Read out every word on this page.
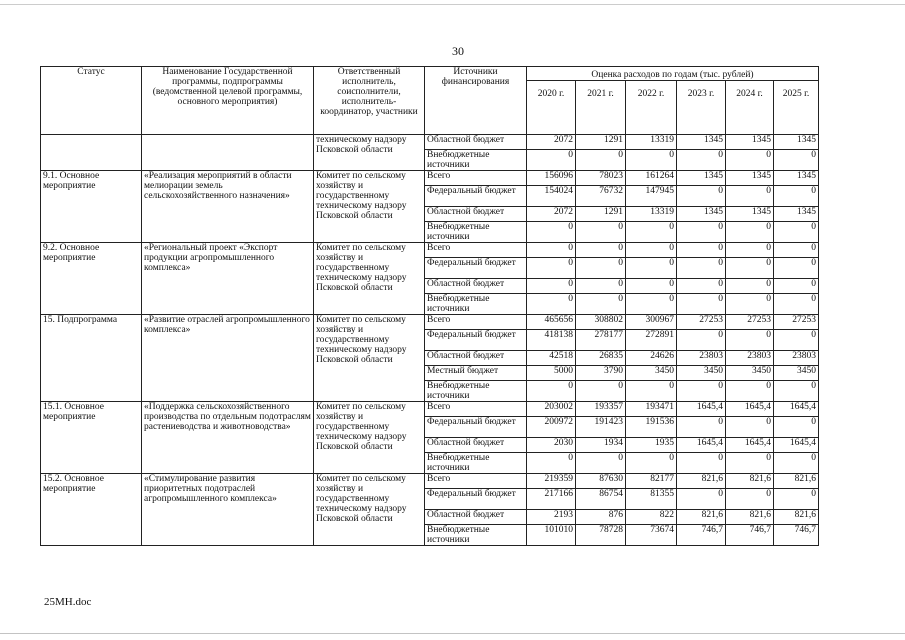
30
Статус	Наименование Государственной программы, подпрограммы (ведомственной целевой программы, основного мероприятия)	Ответственный исполнитель, соисполнители, исполнитель-координатор, участники	Источники финансирования	Оценка расходов по годам (тыс. рублей)					
				2020 г.	2021 г.	2022 г.	2023 г.	2024 г.	2025 г.
		техническому надзору Псковской области	Областной бюджет	2072	1291	13319	1345	1345	1345
			Внебюджетные источники	0	0	0	0	0	0
9.1. Основное мероприятие	«Реализация мероприятий в области мелиорации земель сельскохозяйственного назначения»	Комитет по сельскому хозяйству и государственному техническому надзору Псковской области	Всего	156096	78023	161264	1345	1345	1345
			Федеральный бюджет	154024	76732	147945	0	0	0
			Областной бюджет	2072	1291	13319	1345	1345	1345
			Внебюджетные источники	0	0	0	0	0	0
9.2. Основное мероприятие	«Региональный проект «Экспорт продукции агропромышленного комплекса»	Комитет по сельскому хозяйству и государственному техническому надзору Псковской области	Всего	0	0	0	0	0	0
			Федеральный бюджет	0	0	0	0	0	0
			Областной бюджет	0	0	0	0	0	0
			Внебюджетные источники	0	0	0	0	0	0
15. Подпрограмма	«Развитие отраслей агропромышленного комплекса»	Комитет по сельскому хозяйству и государственному техническому надзору Псковской области	Всего	465656	308802	300967	27253	27253	27253
			Федеральный бюджет	418138	278177	272891	0	0	0
			Областной бюджет	42518	26835	24626	23803	23803	23803
			Местный бюджет	5000	3790	3450	3450	3450	3450
			Внебюджетные источники	0	0	0	0	0	0
15.1. Основное мероприятие	«Поддержка сельскохозяйственного производства по отдельным подотраслям растениеводства и животноводства»	Комитет по сельскому хозяйству и государственному техническому надзору Псковской области	Всего	203002	193357	193471	1645,4	1645,4	1645,4
			Федеральный бюджет	200972	191423	191536	0	0	0
			Областной бюджет	2030	1934	1935	1645,4	1645,4	1645,4
			Внебюджетные источники	0	0	0	0	0	0
15.2. Основное мероприятие	«Стимулирование развития приоритетных подотраслей агропромышленного комплекса»	Комитет по сельскому хозяйству и государственному техническому надзору Псковской области	Всего	219359	87630	82177	821,6	821,6	821,6
			Федеральный бюджет	217166	86754	81355	0	0	0
			Областной бюджет	2193	876	822	821,6	821,6	821,6
			Внебюджетные источники	101010	78728	73674	746,7	746,7	746,7
25MH.doc
